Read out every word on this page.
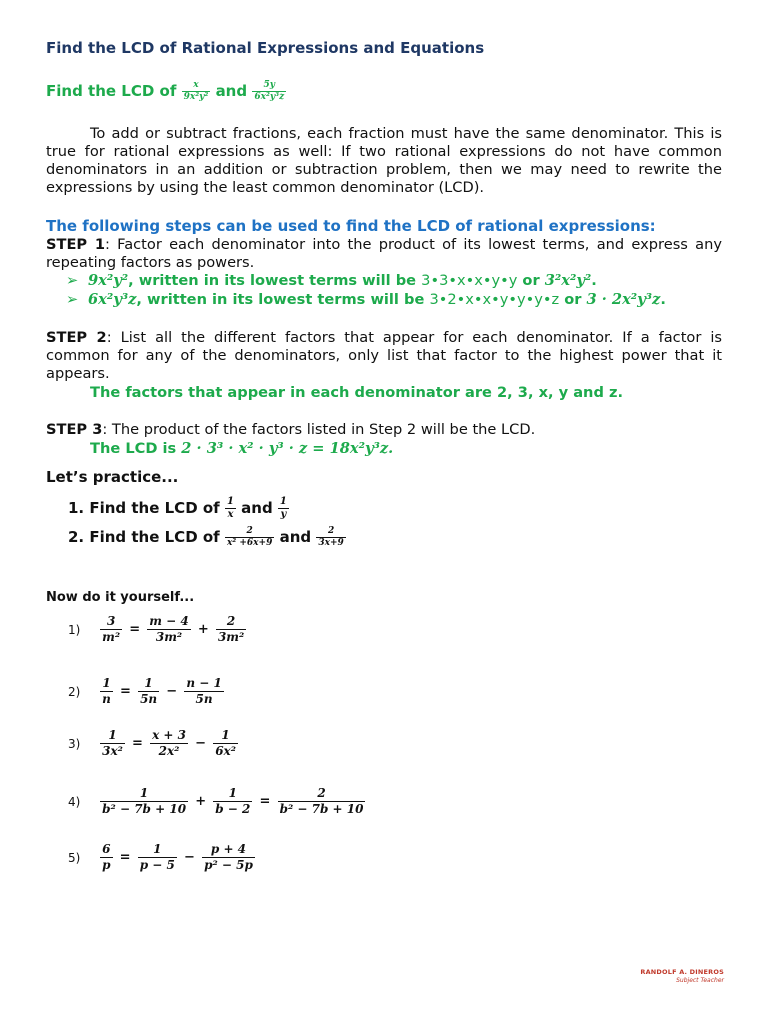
Find the LCD of Rational Expressions and Equations
Find the LCD of $\frac{x}{\text{9x²y²}}$ and $\frac{5y}{\text{6x²y³z}}$
To add or subtract fractions, each fraction must have the same denominator. This is true for rational expressions as well: If two rational expressions do not have common denominators in an addition or subtraction problem, then we may need to rewrite the expressions by using the least common denominator (LCD).
The following steps can be used to find the LCD of rational expressions:
STEP 1: Factor each denominator into the product of its lowest terms, and express any repeating factors as powers.
➢ 9x²y², written in its lowest terms will be 3•3•x•x•y•y or 3²x²y².
➢ 6x²y³z, written in its lowest terms will be 3•2•x•x•y•y•y•z or 3 · 2x²y³z.
STEP 2: List all the different factors that appear for each denominator. If a factor is common for any of the denominators, only list that factor to the highest power that it appears.
The factors that appear in each denominator are 2, 3, x, y and z.
STEP 3: The product of the factors listed in Step 2 will be the LCD.
The LCD is 2 · 3³ · x² · y³ · z = 18x²y³z.
Let’s practice...
1. Find the LCD of $\frac{1}{x}$ and $\frac{1}{y}$
2. Find the LCD of $\frac{2}{\text{x² +6x+9}}$ and $\frac{2}{3x+9}$
Now do it yourself...
$1) \frac{3}{\text{m²}} = \frac{m - 4}{\text{3m²}} + \frac{2}{\text{3m²}}$
$2) \frac{1}{n} = \frac{1}{5n} - \frac{n - 1}{5n}$
$3) \frac{1}{\text{3x²}} = \frac{x + 3}{\text{2x²}} - \frac{1}{\text{6x²}}$
$4) \frac{1}{\text{b² − 7b + 10}} + \frac{1}{b - 2} = \frac{2}{\text{b² − 7b + 10}}$
$5) \frac{6}{p} = \frac{1}{p - 5} - \frac{p + 4}{\text{p² − 5p}}$
RANDOLF A. DINEROS
Subject Teacher
